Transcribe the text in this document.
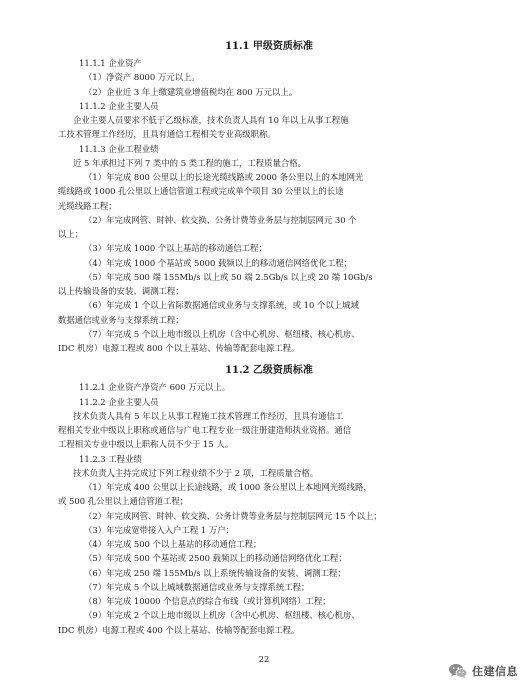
11.1 甲级资质标准
11.1.1 企业资产
（1）净资产 8000 万元以上。
（2）企业近 3 年上缴建筑业增值税均在 800 万元以上。
11.1.2 企业主要人员
企业主要人员要求不低于乙级标准，技术负责人具有 10 年以上从事工程施
工技术管理工作经历，且具有通信工程相关专业高级职称。
11.1.3 企业工程业绩
近 5 年承担过下列 7 类中的 5 类工程的施工，工程质量合格。
（1）年完成 800 公里以上的长途光缆线路或 2000 条公里以上的本地网光
缆线路或 1000 孔公里以上通信管道工程或完成单个项目 30 公里以上的长途
光缆线路工程；
（2）年完成网管、时钟、软交换、公务计费等业务层与控制层网元 30 个
以上；
（3）年完成 1000 个以上基站的移动通信工程；
（4）年完成 1000 个基站或 5000 载频以上的移动通信网络优化工程；
（5）年完成 500 端 155Mb/s 以上或 50 端 2.5Gb/s 以上或 20 端 10Gb/s
以上传输设备的安装、调测工程；
（6）年完成 1 个以上省际数据通信或业务与支撑系统，或 10 个以上城域
数据通信或业务与支撑系统工程；
（7）年完成 5 个以上地市级以上机房（含中心机房、枢纽楼、核心机房、
IDC 机房）电源工程或 800 个以上基站、传输等配套电源工程。
11.2 乙级资质标准
11.2.1 企业资产净资产 600 万元以上。
11.2.2 企业主要人员
技术负责人具有 5 年以上从事工程施工技术管理工作经历，且具有通信工
程相关专业中级以上职称或通信与广电工程专业一级注册建造师执业资格。通信
工程相关专业中级以上职称人员不少于 15 人。
11.2.3 工程业绩
技术负责人主持完成过下列工程业绩不少于 2 项，工程质量合格。
（1）年完成 400 公里以上长途线路，或 1000 条公里以上本地网光缆线路，
或 500 孔公里以上通信管道工程；
（2）年完成网管、时钟、软交换、公务计费等业务层与控制层网元 15 个以上；
（3）年完成宽带接入入户工程 1 万户；
（4）年完成 500 个以上基站的移动通信工程；
（5）年完成 500 个基站或 2500 载频以上的移动通信网络优化工程；
（6）年完成 250 端 155Mb/s 以上系统传输设备的安装、调测工程；
（7）年完成 5 个以上城域数据通信或业务与支撑系统工程；
（8）年完成 10000 个信息点的综合布线（或计算机网络）工程；
（9）年完成 2 个以上地市级以上机房（含中心机房、枢纽楼、核心机房、
IDC 机房）电源工程或 400 个以上基站、传输等配套电源工程。
22
住建信息
